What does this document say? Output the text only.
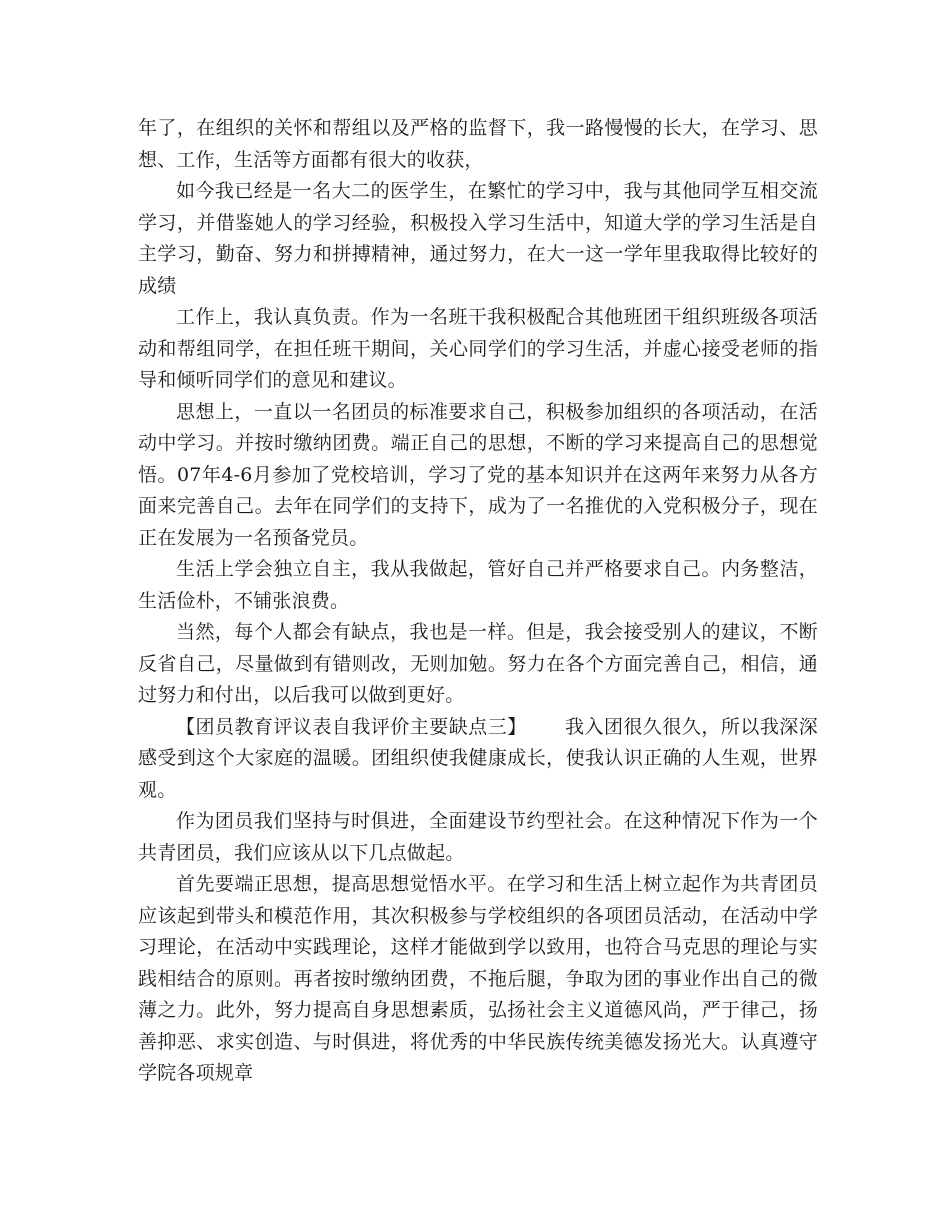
年了，在组织的关怀和帮组以及严格的监督下，我一路慢慢的长大，在学习、思想、工作，生活等方面都有很大的收获，

如今我已经是一名大二的医学生，在繁忙的学习中，我与其他同学互相交流学习，并借鉴她人的学习经验，积极投入学习生活中，知道大学的学习生活是自主学习，勤奋、努力和拼搏精神，通过努力，在大一这一学年里我取得比较好的成绩

工作上，我认真负责。作为一名班干我积极配合其他班团干组织班级各项活动和帮组同学，在担任班干期间，关心同学们的学习生活，并虚心接受老师的指导和倾听同学们的意见和建议。

思想上，一直以一名团员的标准要求自己，积极参加组织的各项活动，在活动中学习。并按时缴纳团费。端正自己的思想，不断的学习来提高自己的思想觉悟。07年4-6月参加了党校培训，学习了党的基本知识并在这两年来努力从各方面来完善自己。去年在同学们的支持下，成为了一名推优的入党积极分子，现在正在发展为一名预备党员。

生活上学会独立自主，我从我做起，管好自己并严格要求自己。内务整洁，生活俭朴，不铺张浪费。

当然，每个人都会有缺点，我也是一样。但是，我会接受别人的建议，不断反省自己，尽量做到有错则改，无则加勉。努力在各个方面完善自己，相信，通过努力和付出，以后我可以做到更好。

【团员教育评议表自我评价主要缺点三】 我入团很久很久，所以我深深感受到这个大家庭的温暖。团组织使我健康成长，使我认识正确的人生观，世界观。

作为团员我们坚持与时俱进，全面建设节约型社会。在这种情况下作为一个共青团员，我们应该从以下几点做起。

首先要端正思想，提高思想觉悟水平。在学习和生活上树立起作为共青团员应该起到带头和模范作用，其次积极参与学校组织的各项团员活动，在活动中学习理论，在活动中实践理论，这样才能做到学以致用，也符合马克思的理论与实践相结合的原则。再者按时缴纳团费，不拖后腿，争取为团的事业作出自己的微薄之力。此外，努力提高自身思想素质，弘扬社会主义道德风尚，严于律己，扬善抑恶、求实创造、与时俱进，将优秀的中华民族传统美德发扬光大。认真遵守学院各项规章
